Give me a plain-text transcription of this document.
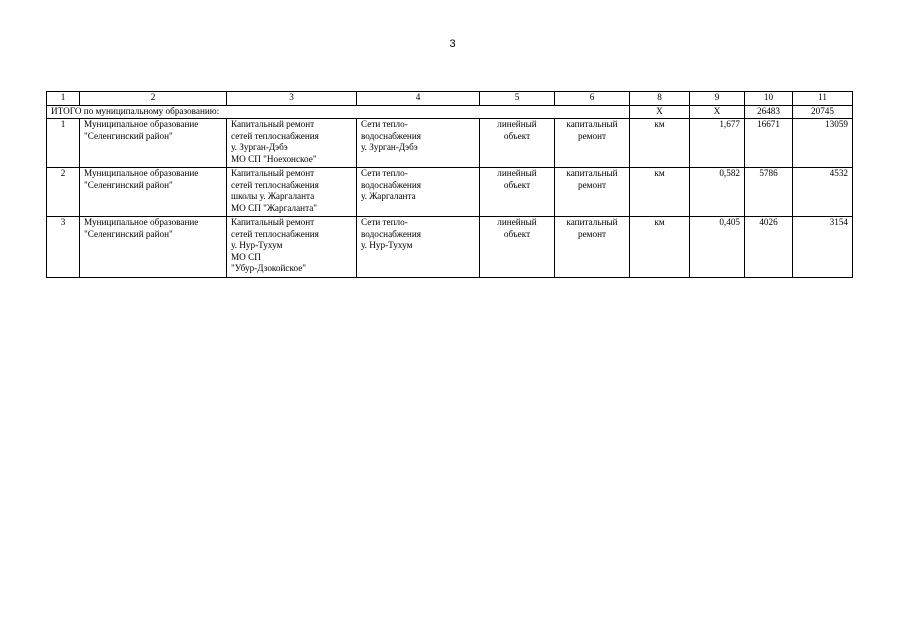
3
1	2	3	4	5	6	8	9	10	11
ИТОГО по муниципальному образованию:						Х	Х	26483	20745
1	Муниципальное образование
"Селенгинский район"	Капитальный ремонт
сетей теплоснабжения
у. Зурган-Дэбэ
МО СП "Ноехонское"	Сети тепло-
водоснабжения
у. Зурган-Дэбэ	линейный
объект	капитальный
ремонт	км	1,677	16671	13059
2	Муниципальное образование
"Селенгинский район"	Капитальный ремонт
сетей теплоснабжения
школы у. Жаргаланта
МО СП "Жаргаланта"	Сети тепло-
водоснабжения
у. Жаргаланта	линейный
объект	капитальный
ремонт	км	0,582	5786	4532
3	Муниципальное образование
"Селенгинский район"	Капитальный ремонт
сетей теплоснабжения
у. Нур-Тухум
МО СП
"Убур-Дзокойское"	Сети тепло-
водоснабжения
у. Нур-Тухум	линейный
объект	капитальный
ремонт	км	0,405	4026	3154
